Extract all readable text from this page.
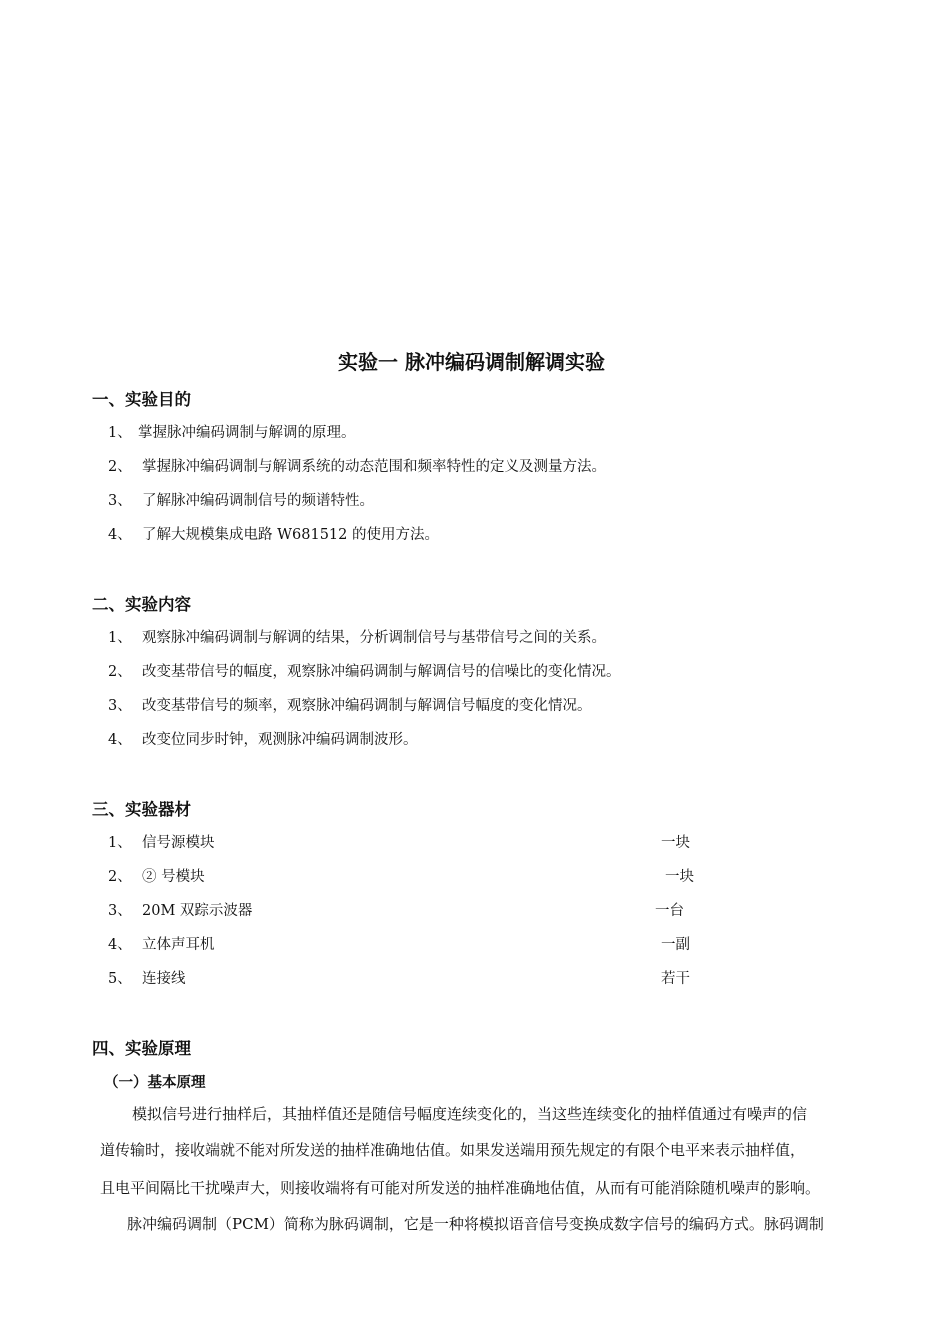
实验一 脉冲编码调制解调实验
一、实验目的
1、 掌握脉冲编码调制与解调的原理。
2、 掌握脉冲编码调制与解调系统的动态范围和频率特性的定义及测量方法。
3、 了解脉冲编码调制信号的频谱特性。
4、 了解大规模集成电路 W681512 的使用方法。
二、实验内容
1、 观察脉冲编码调制与解调的结果，分析调制信号与基带信号之间的关系。
2、 改变基带信号的幅度，观察脉冲编码调制与解调信号的信噪比的变化情况。
3、 改变基带信号的频率，观察脉冲编码调制与解调信号幅度的变化情况。
4、 改变位同步时钟，观测脉冲编码调制波形。
三、实验器材
1、 信号源模块	一块
2、 ② 号模块	一块
3、 20M 双踪示波器	一台
4、 立体声耳机	一副
5、 连接线	若干
四、实验原理
（一）基本原理
模拟信号进行抽样后，其抽样值还是随信号幅度连续变化的，当这些连续变化的抽样值通过有噪声的信
道传输时，接收端就不能对所发送的抽样准确地估值。如果发送端用预先规定的有限个电平来表示抽样值，
且电平间隔比干扰噪声大，则接收端将有可能对所发送的抽样准确地估值，从而有可能消除随机噪声的影响。
脉冲编码调制（PCM）简称为脉码调制，它是一种将模拟语音信号变换成数字信号的编码方式。脉码调制
